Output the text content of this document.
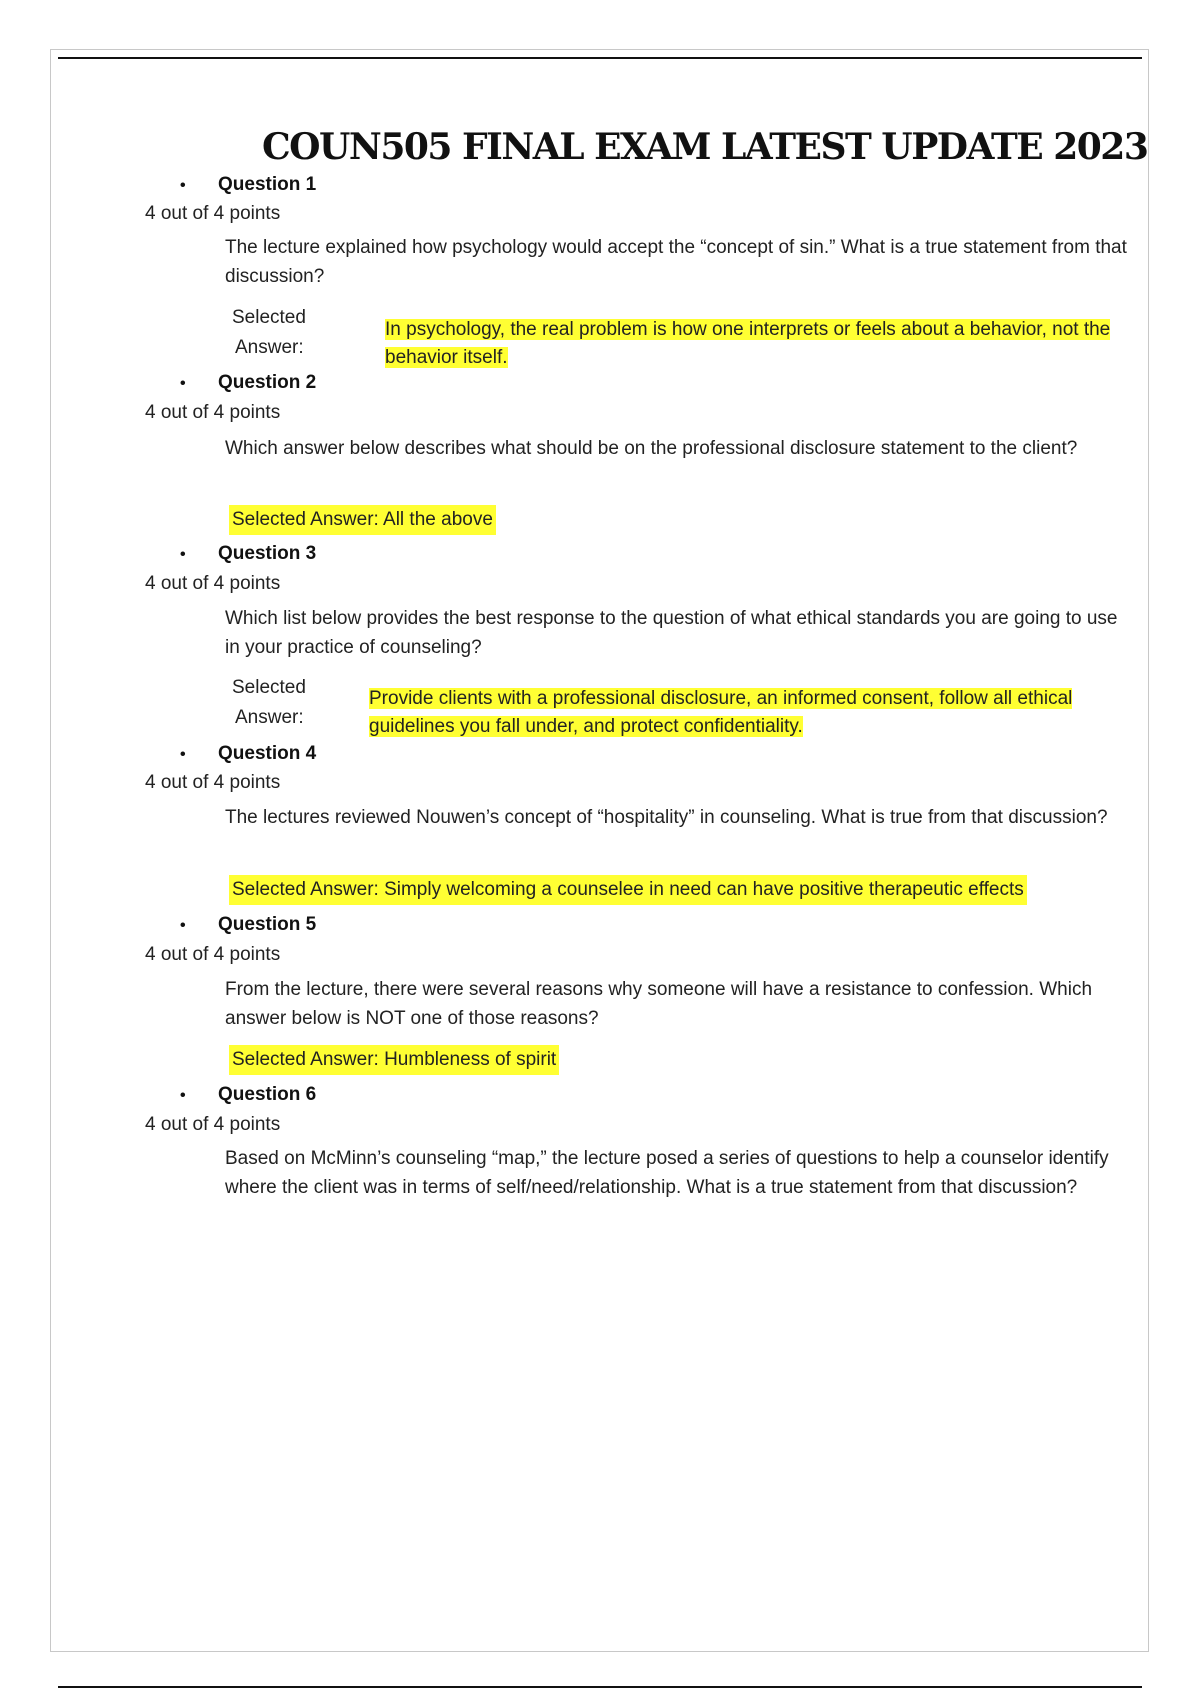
COUN505 FINAL EXAM LATEST UPDATE 2023
• Question 1
4 out of 4 points

The lecture explained how psychology would accept the “concept of sin.” What is a true statement from that discussion?

Selected
Answer:

In psychology, the real problem is how one interprets or feels about a behavior, not the behavior itself.

• Question 2
4 out of 4 points

Which answer below describes what should be on the professional disclosure statement to the client?

Selected Answer: All the above
• Question 3
4 out of 4 points

Which list below provides the best response to the question of what ethical standards you are going to use in your practice of counseling?

Selected
Answer:

Provide clients with a professional disclosure, an informed consent, follow all ethical guidelines you fall under, and protect confidentiality.

• Question 4
4 out of 4 points

The lectures reviewed Nouwen’s concept of “hospitality” in counseling. What is true from that discussion?

Selected Answer: Simply welcoming a counselee in need can have positive therapeutic effects
• Question 5
4 out of 4 points

From the lecture, there were several reasons why someone will have a resistance to confession. Which answer below is NOT one of those reasons?

Selected Answer: Humbleness of spirit
• Question 6
4 out of 4 points

Based on McMinn’s counseling “map,” the lecture posed a series of questions to help a counselor identify where the client was in terms of self/need/relationship. What is a true statement from that discussion?
